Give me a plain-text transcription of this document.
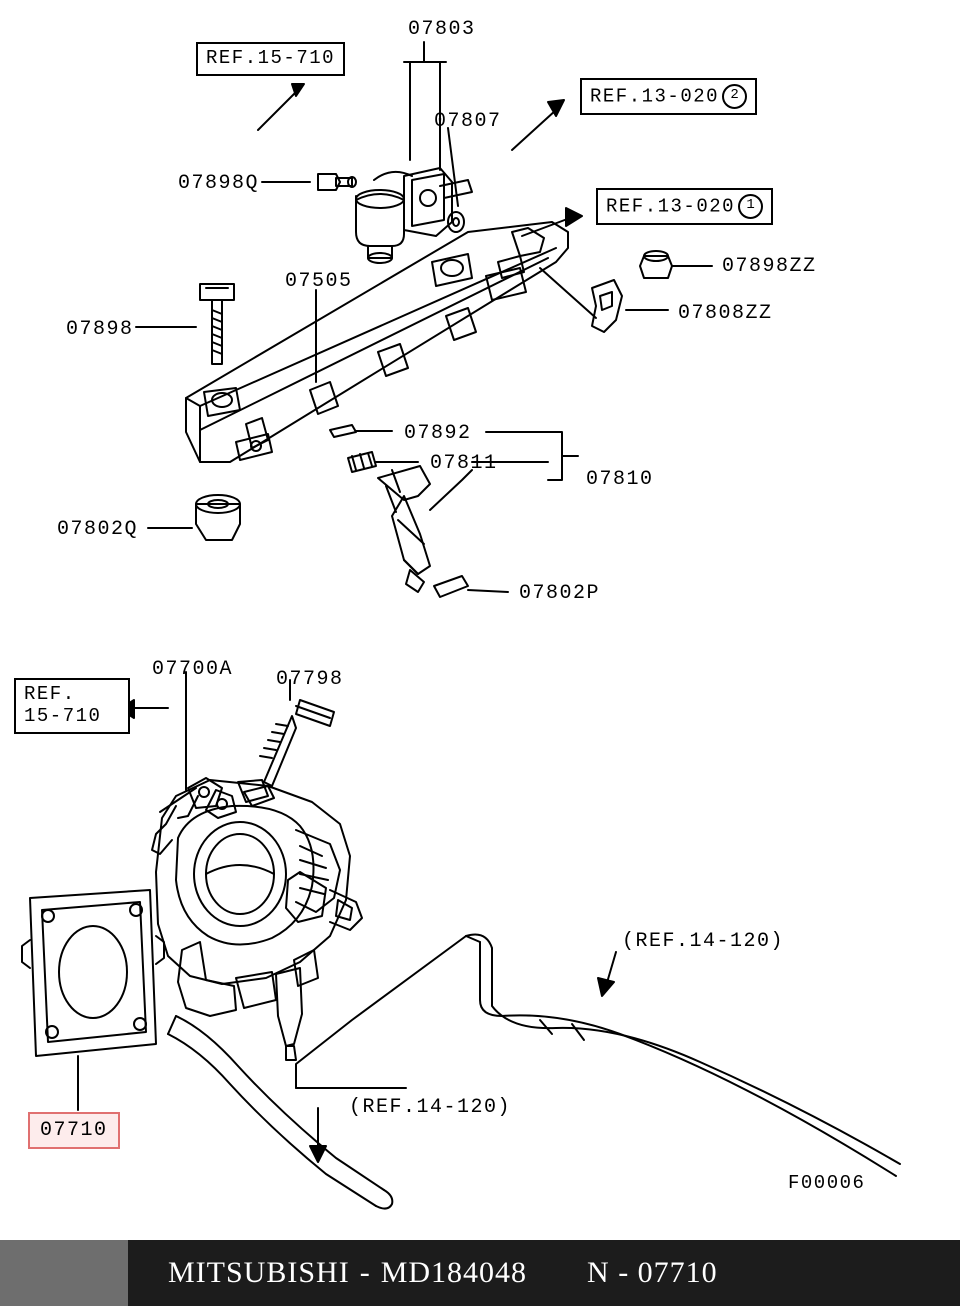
07803
07807
07898Q
07505
07898ZZ
07808ZZ
07898
07892
07811
07810
07802Q
07802P
07700A 07798
REF.15-710
REF.13-020 2
REF.13-020 1
REF.
15-710
(REF.14-120)
(REF.14-120)
07710
F00006
MITSUBISHI - MD184048 N - 07710
